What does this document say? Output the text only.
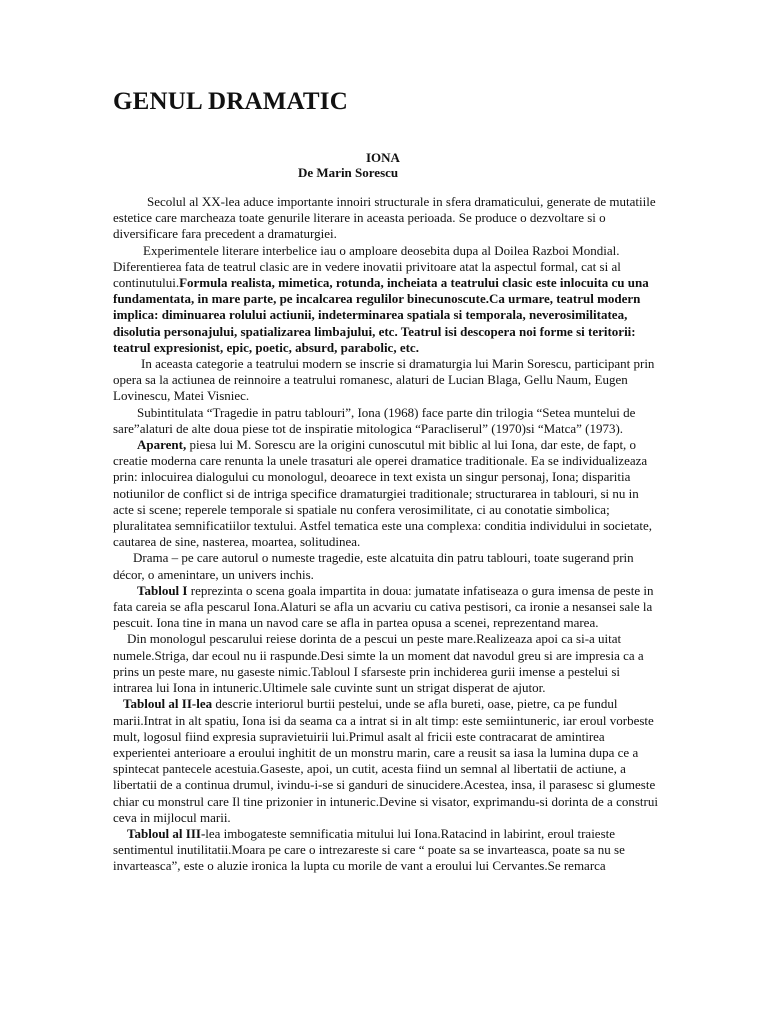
GENUL DRAMATIC
IONA
De Marin Sorescu

Secolul al XX-lea aduce importante innoiri structurale in sfera dramaticului, generate de mutatiile estetice care marcheaza toate genurile literare in aceasta perioada. Se produce o dezvoltare si o diversificare fara precedent a dramaturgiei.

Experimentele literare interbelice iau o amploare deosebita dupa al Doilea Razboi Mondial. Diferentierea fata de teatrul clasic are in vedere inovatii privitoare atat la aspectul formal, cat si al continutului.Formula realista, mimetica, rotunda, incheiata a teatrului clasic este inlocuita cu una fundamentata, in mare parte, pe incalcarea regulilor binecunoscute.Ca urmare, teatrul modern implica: diminuarea rolului actiunii, indeterminarea spatiala si temporala, neverosimilitatea, disolutia personajului, spatializarea limbajului, etc. Teatrul isi descopera noi forme si teritorii: teatrul expresionist, epic, poetic, absurd, parabolic, etc.

In aceasta categorie a teatrului modern se inscrie si dramaturgia lui Marin Sorescu, participant prin opera sa la actiunea de reinnoire a teatrului romanesc, alaturi de Lucian Blaga, Gellu Naum, Eugen Lovinescu, Matei Visniec.

Subintitulata “Tragedie in patru tablouri”, Iona (1968) face parte din trilogia “Setea muntelui de sare”alaturi de alte doua piese tot de inspiratie mitologica “Paracliserul” (1970)si “Matca” (1973).

Aparent, piesa lui M. Sorescu are la origini cunoscutul mit biblic al lui Iona, dar este, de fapt, o creatie moderna care renunta la unele trasaturi ale operei dramatice traditionale. Ea se individualizeaza prin: inlocuirea dialogului cu monologul, deoarece in text exista un singur personaj, Iona; disparitia notiunilor de conflict si de intriga specifice dramaturgiei traditionale; structurarea in tablouri, si nu in acte si scene; reperele temporale si spatiale nu confera verosimilitate, ci au conotatie simbolica; pluralitatea semnificatiilor textului. Astfel tematica este una complexa: conditia individului in societate, cautarea de sine, nasterea, moartea, solitudinea.

Drama – pe care autorul o numeste tragedie, este alcatuita din patru tablouri, toate sugerand prin décor, o amenintare, un univers inchis.

Tabloul I reprezinta o scena goala impartita in doua: jumatate infatiseaza o gura imensa de peste in fata careia se afla pescarul Iona.Alaturi se afla un acvariu cu cativa pestisori, ca ironie a nesansei sale la pescuit. Iona tine in mana un navod care se afla in partea opusa a scenei, reprezentand marea.

Din monologul pescarului reiese dorinta de a pescui un peste mare.Realizeaza apoi ca si-a uitat numele.Striga, dar ecoul nu ii raspunde.Desi simte la un moment dat navodul greu si are impresia ca a prins un peste mare, nu gaseste nimic.Tabloul I sfarseste prin inchiderea gurii imense a pestelui si intrarea lui Iona in intuneric.Ultimele sale cuvinte sunt un strigat disperat de ajutor.

Tabloul al II-lea descrie interiorul burtii pestelui, unde se afla bureti, oase, pietre, ca pe fundul marii.Intrat in alt spatiu, Iona isi da seama ca a intrat si in alt timp: este semiintuneric, iar eroul vorbeste mult, logosul fiind expresia supravietuirii lui.Primul asalt al fricii este contracarat de amintirea experientei anterioare a eroului inghitit de un monstru marin, care a reusit sa iasa la lumina dupa ce a spintecat pantecele acestuia.Gaseste, apoi, un cutit, acesta fiind un semnal al libertatii de actiune, a libertatii de a continua drumul, ivindu-i-se si ganduri de sinucidere.Acestea, insa, il parasesc si glumeste chiar cu monstrul care Il tine prizonier in intuneric.Devine si visator, exprimandu-si dorinta de a construi ceva in mijlocul marii.

Tabloul al III-lea imbogateste semnificatia mitului lui Iona.Ratacind in labirint, eroul traieste sentimentul inutilitatii.Moara pe care o intrezareste si care “ poate sa se invarteasca, poate sa nu se invarteasca”, este o aluzie ironica la lupta cu morile de vant a eroului lui Cervantes.Se remarca
